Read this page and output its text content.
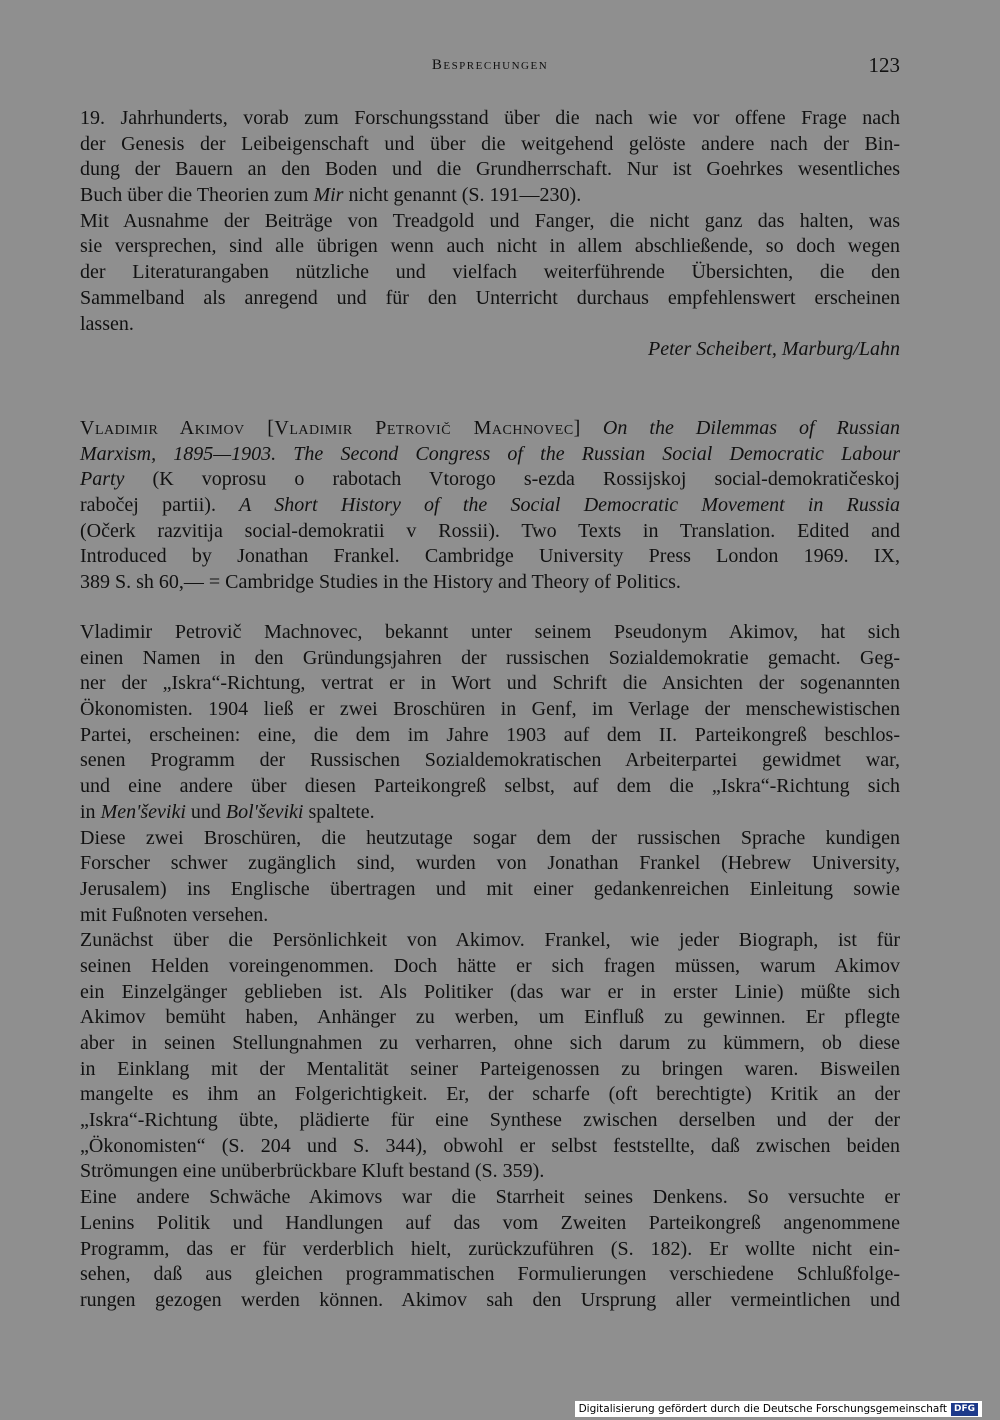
Besprechungen	123
19. Jahrhunderts, vorab zum Forschungsstand über die nach wie vor offene Frage nach
der Genesis der Leibeigenschaft und über die weitgehend gelöste andere nach der Bin-
dung der Bauern an den Boden und die Grundherrschaft. Nur ist Goehrkes wesentliches
Buch über die Theorien zum Mir nicht genannt (S. 191—230).
Mit Ausnahme der Beiträge von Treadgold und Fanger, die nicht ganz das halten, was
sie versprechen, sind alle übrigen wenn auch nicht in allem abschließende, so doch wegen
der Literaturangaben nützliche und vielfach weiterführende Übersichten, die den
Sammelband als anregend und für den Unterricht durchaus empfehlenswert erscheinen
lassen.
Peter Scheibert, Marburg/Lahn
Vladimir Akimov [Vladimir Petrovič Machnovec] On the Dilemmas of Russian
Marxism, 1895—1903. The Second Congress of the Russian Social Democratic Labour
Party (K voprosu o rabotach Vtorogo s-ezda Rossijskoj social-demokratičeskoj
rabočej partii). A Short History of the Social Democratic Movement in Russia
(Očerk razvitija social-demokratii v Rossii). Two Texts in Translation. Edited and
Introduced by Jonathan Frankel. Cambridge University Press London 1969. IX,
389 S. sh 60,— = Cambridge Studies in the History and Theory of Politics.
Vladimir Petrovič Machnovec, bekannt unter seinem Pseudonym Akimov, hat sich
einen Namen in den Gründungsjahren der russischen Sozialdemokratie gemacht. Geg-
ner der „Iskra“-Richtung, vertrat er in Wort und Schrift die Ansichten der sogenannten
Ökonomisten. 1904 ließ er zwei Broschüren in Genf, im Verlage der menschewistischen
Partei, erscheinen: eine, die dem im Jahre 1903 auf dem II. Parteikongreß beschlos-
senen Programm der Russischen Sozialdemokratischen Arbeiterpartei gewidmet war,
und eine andere über diesen Parteikongreß selbst, auf dem die „Iskra“-Richtung sich
in Men'ševiki und Bol'ševiki spaltete.
Diese zwei Broschüren, die heutzutage sogar dem der russischen Sprache kundigen
Forscher schwer zugänglich sind, wurden von Jonathan Frankel (Hebrew University,
Jerusalem) ins Englische übertragen und mit einer gedankenreichen Einleitung sowie
mit Fußnoten versehen.
Zunächst über die Persönlichkeit von Akimov. Frankel, wie jeder Biograph, ist für
seinen Helden voreingenommen. Doch hätte er sich fragen müssen, warum Akimov
ein Einzelgänger geblieben ist. Als Politiker (das war er in erster Linie) müßte sich
Akimov bemüht haben, Anhänger zu werben, um Einfluß zu gewinnen. Er pflegte
aber in seinen Stellungnahmen zu verharren, ohne sich darum zu kümmern, ob diese
in Einklang mit der Mentalität seiner Parteigenossen zu bringen waren. Bisweilen
mangelte es ihm an Folgerichtigkeit. Er, der scharfe (oft berechtigte) Kritik an der
„Iskra“-Richtung übte, plädierte für eine Synthese zwischen derselben und der der
„Ökonomisten“ (S. 204 und S. 344), obwohl er selbst feststellte, daß zwischen beiden
Strömungen eine unüberbrückbare Kluft bestand (S. 359).
Eine andere Schwäche Akimovs war die Starrheit seines Denkens. So versuchte er
Lenins Politik und Handlungen auf das vom Zweiten Parteikongreß angenommene
Programm, das er für verderblich hielt, zurückzuführen (S. 182). Er wollte nicht ein-
sehen, daß aus gleichen programmatischen Formulierungen verschiedene Schlußfolge-
rungen gezogen werden können. Akimov sah den Ursprung aller vermeintlichen und
Digitalisierung gefördert durch die Deutsche Forschungsgemeinschaft DFG
